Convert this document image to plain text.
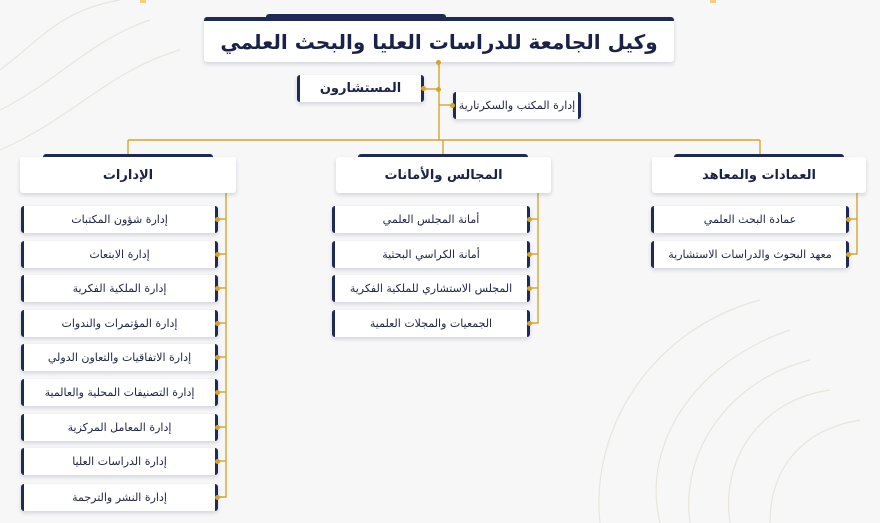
وكيل الجامعة للدراسات العليا والبحث العلمي
المستشارون
إدارة المكتب والسكرتارية
الإدارات	المجالس والأمانات	العمادات والمعاهد
إدارة شؤون المكتبات
إدارة الابتعاث
إدارة الملكية الفكرية
إدارة المؤتمرات والندوات
إدارة الاتفاقيات والتعاون الدولي
إدارة التصنيفات المحلية والعالمية
إدارة المعامل المركزية
إدارة الدراسات العليا
إدارة النشر والترجمة
أمانة المجلس العلمي
أمانة الكراسي البحثية
المجلس الاستشاري للملكية الفكرية
الجمعيات والمجلات العلمية
عمادة البحث العلمي
معهد البحوث والدراسات الاستشارية
